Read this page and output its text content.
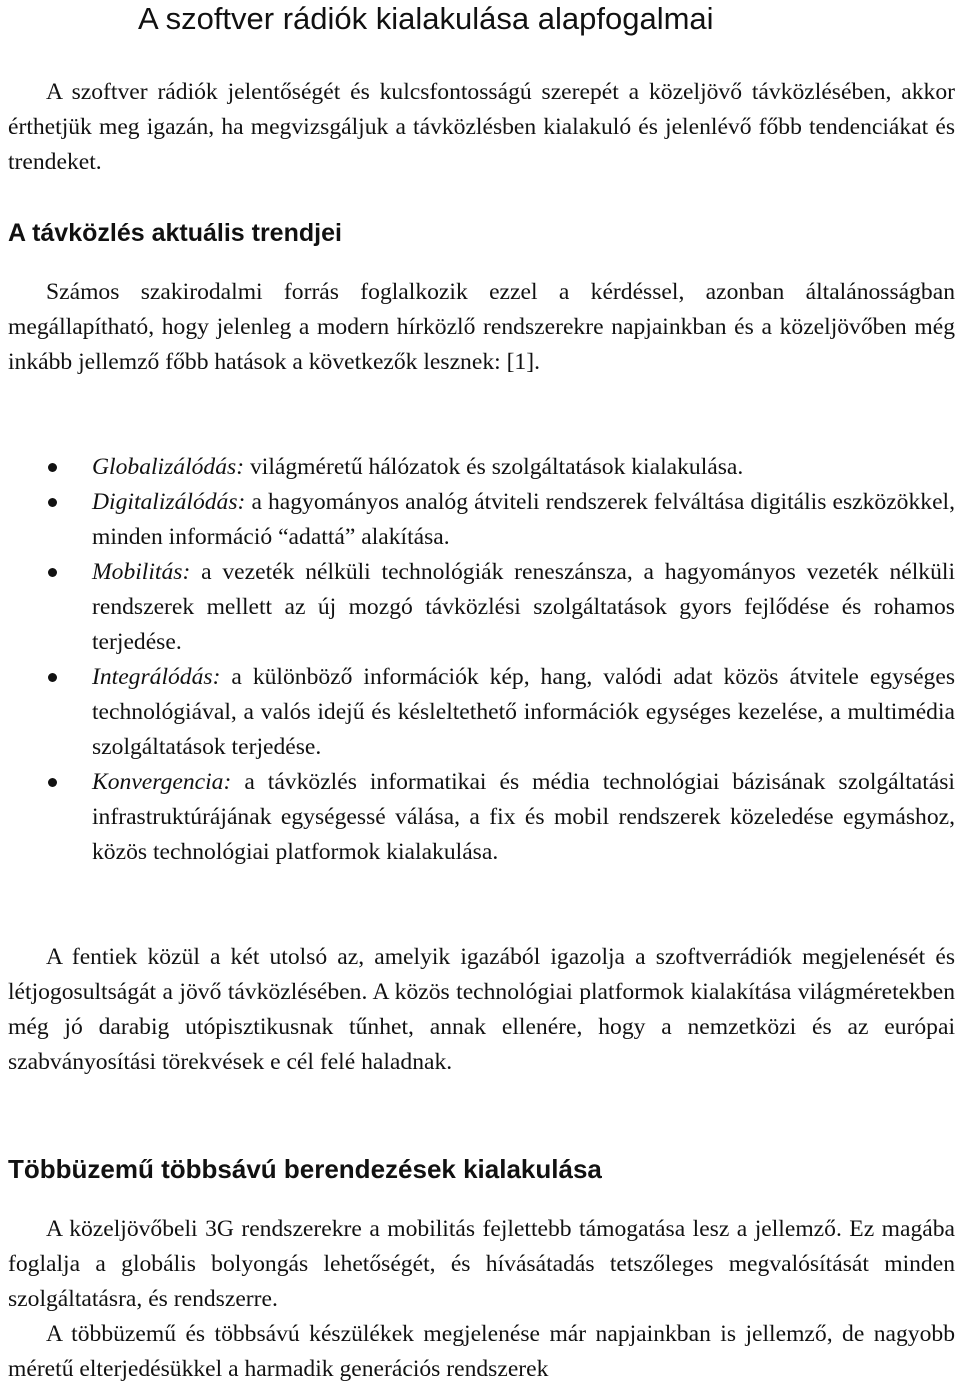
A szoftver rádiók kialakulása alapfogalmai

A szoftver rádiók jelentőségét és kulcsfontosságú szerepét a közeljövő távközlésében, akkor érthetjük meg igazán, ha megvizsgáljuk a távközlésben kialakuló és jelenlévő főbb tendenciákat és trendeket.

A távközlés aktuális trendjei

Számos szakirodalmi forrás foglalkozik ezzel a kérdéssel, azonban általánosságban megállapítható, hogy jelenleg a modern hírközlő rendszerekre napjainkban és a közeljövőben még inkább jellemző főbb hatások a következők lesznek: [1].

Globalizálódás: világméretű hálózatok és szolgáltatások kialakulása.
Digitalizálódás: a hagyományos analóg átviteli rendszerek felváltása digitális eszközökkel, minden információ “adattá” alakítása.
Mobilitás: a vezeték nélküli technológiák reneszánsza, a hagyományos vezeték nélküli rendszerek mellett az új mozgó távközlési szolgáltatások gyors fejlődése és rohamos terjedése.
Integrálódás: a különböző információk kép, hang, valódi adat közös átvitele egységes technológiával, a valós idejű és késleltethető információk egységes kezelése, a multimédia szolgáltatások terjedése.
Konvergencia: a távközlés informatikai és média technológiai bázisának szolgáltatási infrastruktúrájának egységessé válása, a fix és mobil rendszerek közeledése egymáshoz, közös technológiai platformok kialakulása.

A fentiek közül a két utolsó az, amelyik igazából igazolja a szoftverrádiók megjelenését és létjogosultságát a jövő távközlésében. A közös technológiai platformok kialakítása világméretekben még jó darabig utópisztikusnak tűnhet, annak ellenére, hogy a nemzetközi és az európai szabványosítási törekvések e cél felé haladnak.

Többüzemű többsávú berendezések kialakulása

A közeljövőbeli 3G rendszerekre a mobilitás fejlettebb támogatása lesz a jellemző. Ez magába foglalja a globális bolyongás lehetőségét, és hívásátadás tetszőleges megvalósítását minden szolgáltatásra, és rendszerre.

A többüzemű és többsávú készülékek megjelenése már napjainkban is jellemző, de nagyobb méretű elterjedésükkel a harmadik generációs rendszerek
